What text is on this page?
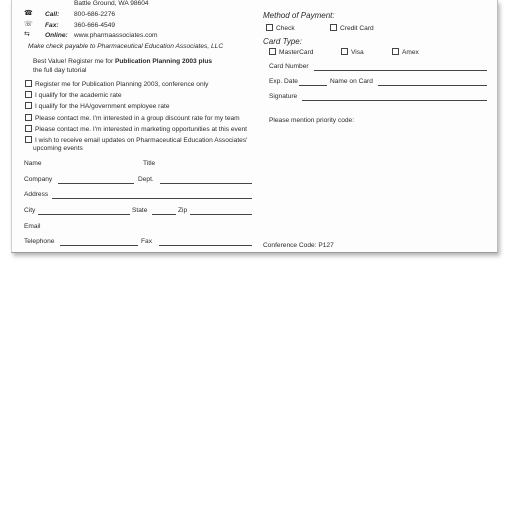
Battle Ground, WA 98604
☎ Call: 800-686-2276
☏ Fax: 360-666-4549
⇆ Online: www.pharmaassociates.com
Make check payable to Pharmaceutical Education Associates, LLC
Best Value! Register me for Publication Planning 2003 plus
the full day tutorial
Register me for Publication Planning 2003, conference only
I qualify for the academic rate
I qualify for the HA/government employee rate
Please contact me. I'm interested in a group discount rate for my team
Please contact me. I'm interested in marketing opportunities at this event
I wish to receive email updates on Pharmaceutical Education Associates'
upcoming events
Name	Title
Company	Dept.
Address
City	State	Zip
Email
Telephone	Fax
Method of Payment:
Check	Credit Card
Card Type:
MasterCard	Visa	Amex
Card Number
Exp. Date	Name on Card
Signature
Please mention priority code:
Conference Code: P127
